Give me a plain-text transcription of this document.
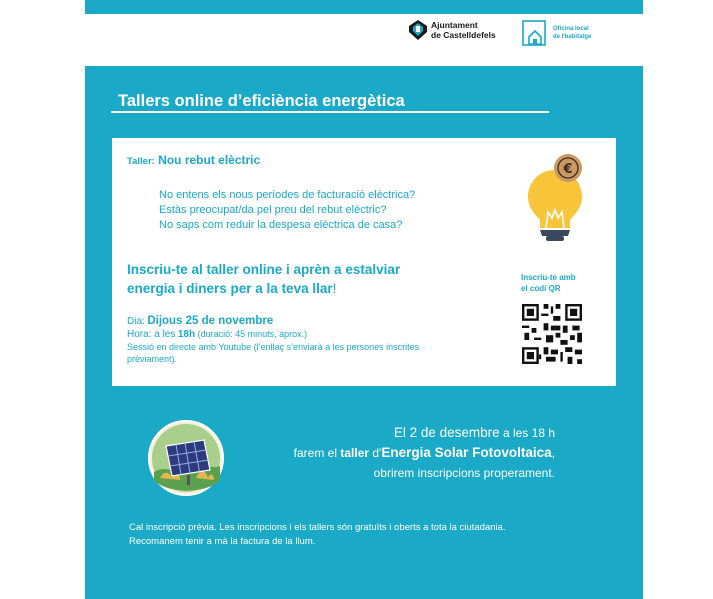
Ajuntament
de Castelldefels
Oficina local
de l'habitatge
Tallers online d’eficiència energètica
Taller: Nou rebut elèctric
No entens els nous períodes de facturació elèctrica?
Estàs preocupat/da pel preu del rebut elèctric?
No saps com reduir la despesa elèctrica de casa?
Inscriu-te al taller online i aprèn a estalviar
energia i diners per a la teva llar!
Dia: Dijous 25 de novembre
Hora: a les 18h (duració: 45 minuts, aprox.)
Sessió en directe amb Youtube (l’enllaç s’enviarà a les persones inscrites
prèviament).
€
Inscriu-te amb
el codi QR
El 2 de desembre a les 18 h
farem el taller d'Energia Solar Fotovoltaica,
obrirem inscripcions properament.
Cal inscripció prèvia. Les inscripcions i els tallers són gratuïts i oberts a tota la ciutadania.
Recomanem tenir a mà la factura de la llum.
